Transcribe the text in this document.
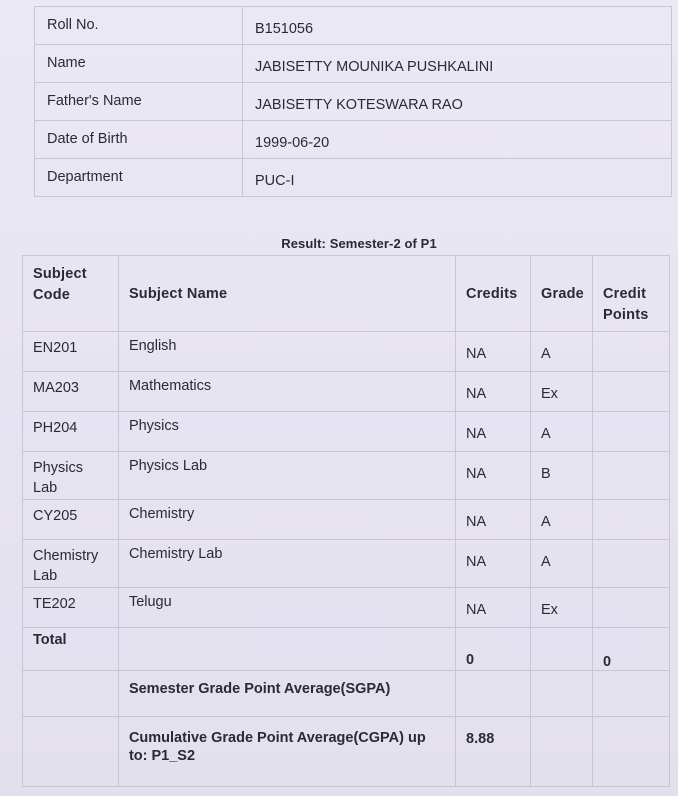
Roll No.	B151056
Name	JABISETTY MOUNIKA PUSHKALINI
Father's Name	JABISETTY KOTESWARA RAO
Date of Birth	1999-06-20
Department	PUC-I
Result: Semester-2 of P1
Subject Code	Subject Name	Credits	Grade	Credit Points
EN201	English	NA	A	
MA203	Mathematics	NA	Ex	
PH204	Physics	NA	A	
Physics Lab	Physics Lab	NA	B	
CY205	Chemistry	NA	A	
Chemistry Lab	Chemistry Lab	NA	A	
TE202	Telugu	NA	Ex	
Total		0		0
	Semester Grade Point Average(SGPA)			
	Cumulative Grade Point Average(CGPA) up to: P1_S2	8.88		
